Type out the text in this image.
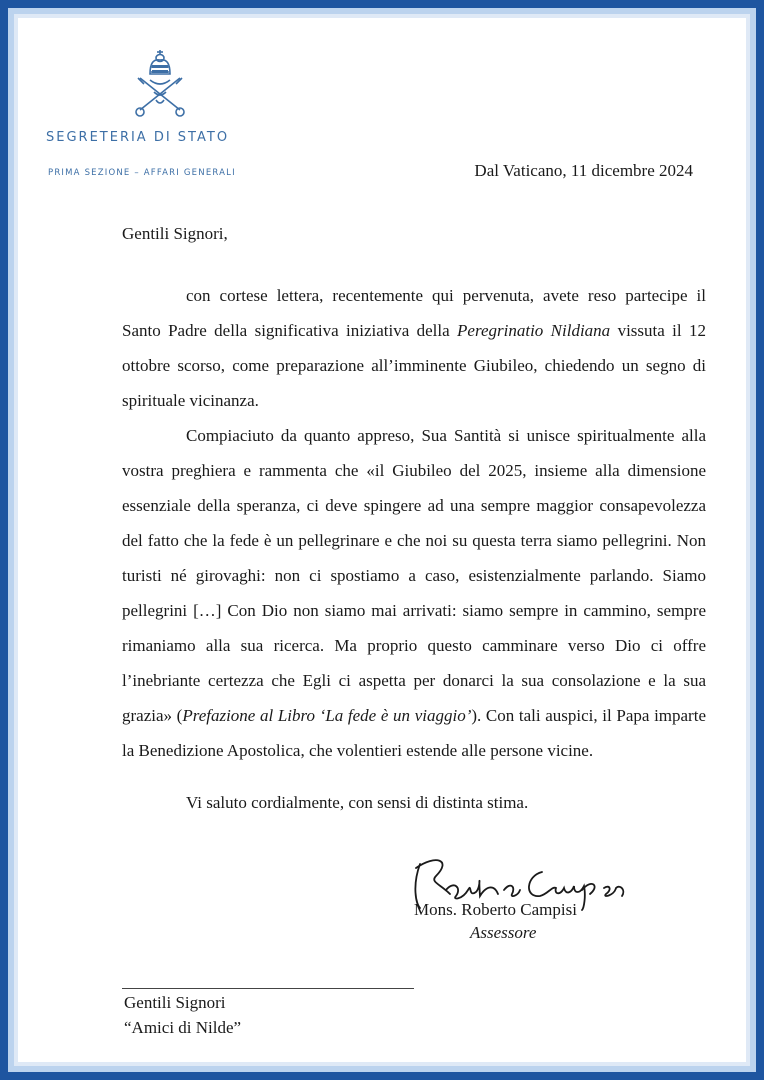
SEGRETERIA DI STATO
PRIMA SEZIONE – AFFARI GENERALI	Dal Vaticano, 11 dicembre 2024
Gentili Signori,
con cortese lettera, recentemente qui pervenuta, avete reso partecipe il Santo Padre della significativa iniziativa della Peregrinatio Nildiana vissuta il 12 ottobre scorso, come preparazione all’imminente Giubileo, chiedendo un segno di spirituale vicinanza.
Compiaciuto da quanto appreso, Sua Santità si unisce spiritualmente alla vostra preghiera e rammenta che «il Giubileo del 2025, insieme alla dimensione essenziale della speranza, ci deve spingere ad una sempre maggior consapevolezza del fatto che la fede è un pellegrinare e che noi su questa terra siamo pellegrini. Non turisti né girovaghi: non ci spostiamo a caso, esistenzialmente parlando. Siamo pellegrini […] Con Dio non siamo mai arrivati: siamo sempre in cammino, sempre rimaniamo alla sua ricerca. Ma proprio questo camminare verso Dio ci offre l’inebriante certezza che Egli ci aspetta per donarci la sua consolazione e la sua grazia» (Prefazione al Libro ‘La fede è un viaggio’). Con tali auspici, il Papa imparte la Benedizione Apostolica, che volentieri estende alle persone vicine.
Vi saluto cordialmente, con sensi di distinta stima.
Mons. Roberto Campisi
Assessore
Gentili Signori
“Amici di Nilde”
